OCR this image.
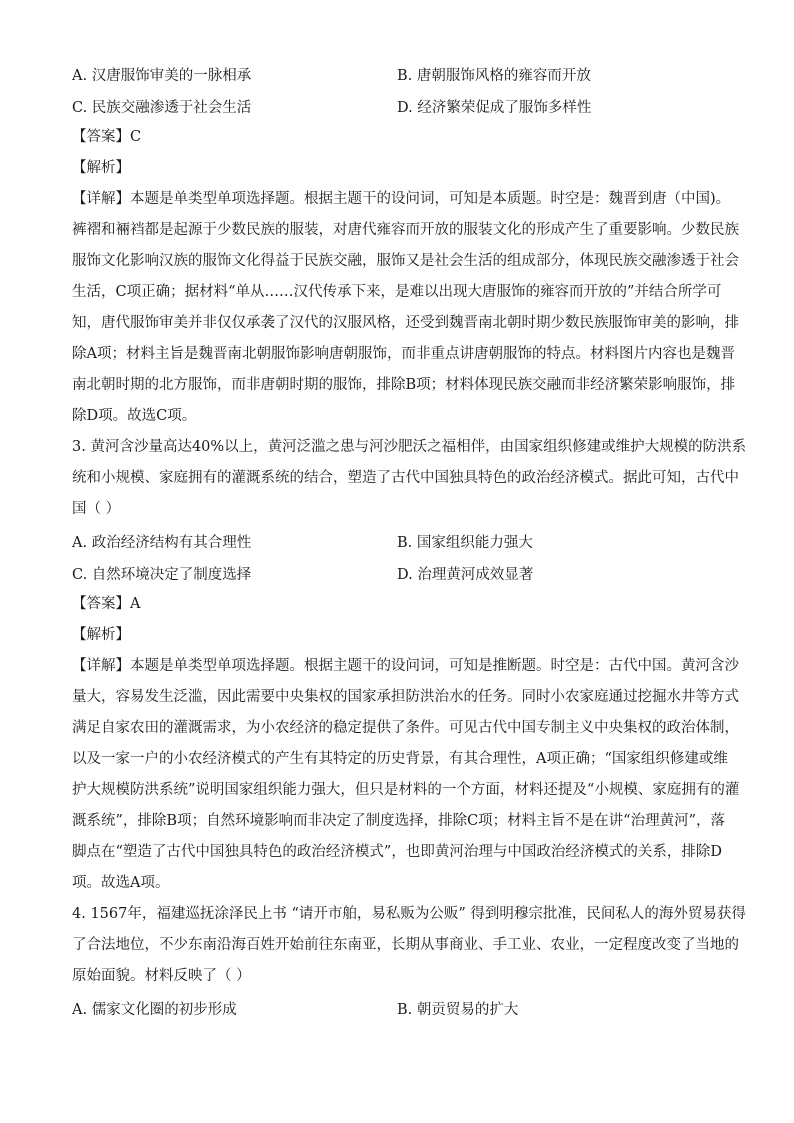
A. 汉唐服饰审美的一脉相承	B. 唐朝服饰风格的雍容而开放
C. 民族交融渗透于社会生活	D. 经济繁荣促成了服饰多样性
【答案】C
【解析】
【详解】本题是单类型单项选择题。根据主题干的设问词，可知是本质题。时空是：魏晋到唐（中国)。
裤褶和裲裆都是起源于少数民族的服装，对唐代雍容而开放的服装文化的形成产生了重要影响。少数民族
服饰文化影响汉族的服饰文化得益于民族交融，服饰又是社会生活的组成部分，体现民族交融渗透于社会
生活，C项正确；据材料“单从……汉代传承下来，是难以出现大唐服饰的雍容而开放的”并结合所学可
知，唐代服饰审美并非仅仅承袭了汉代的汉服风格，还受到魏晋南北朝时期少数民族服饰审美的影响，排
除A项；材料主旨是魏晋南北朝服饰影响唐朝服饰，而非重点讲唐朝服饰的特点。材料图片内容也是魏晋
南北朝时期的北方服饰，而非唐朝时期的服饰，排除B项；材料体现民族交融而非经济繁荣影响服饰，排
除D项。故选C项。
3. 黄河含沙量高达40%以上，黄河泛滥之患与河沙肥沃之福相伴，由国家组织修建或维护大规模的防洪系
统和小规模、家庭拥有的灌溉系统的结合，塑造了古代中国独具特色的政治经济模式。据此可知，古代中
国（ ）
A. 政治经济结构有其合理性	B. 国家组织能力强大
C. 自然环境决定了制度选择	D. 治理黄河成效显著
【答案】A
【解析】
【详解】本题是单类型单项选择题。根据主题干的设问词，可知是推断题。时空是：古代中国。黄河含沙
量大，容易发生泛滥，因此需要中央集权的国家承担防洪治水的任务。同时小农家庭通过挖掘水井等方式
满足自家农田的灌溉需求，为小农经济的稳定提供了条件。可见古代中国专制主义中央集权的政治体制，
以及一家一户的小农经济模式的产生有其特定的历史背景，有其合理性，A项正确；“国家组织修建或维
护大规模防洪系统”说明国家组织能力强大，但只是材料的一个方面，材料还提及“小规模、家庭拥有的灌
溉系统”，排除B项；自然环境影响而非决定了制度选择，排除C项；材料主旨不是在讲“治理黄河”，落
脚点在“塑造了古代中国独具特色的政治经济模式”，也即黄河治理与中国政治经济模式的关系，排除D
项。故选A项。
4. 1567年，福建巡抚涂泽民上书 “请开市舶，易私贩为公贩” 得到明穆宗批准，民间私人的海外贸易获得
了合法地位，不少东南沿海百姓开始前往东南亚，长期从事商业、手工业、农业，一定程度改变了当地的
原始面貌。材料反映了（ ）
A. 儒家文化圈的初步形成	B. 朝贡贸易的扩大
